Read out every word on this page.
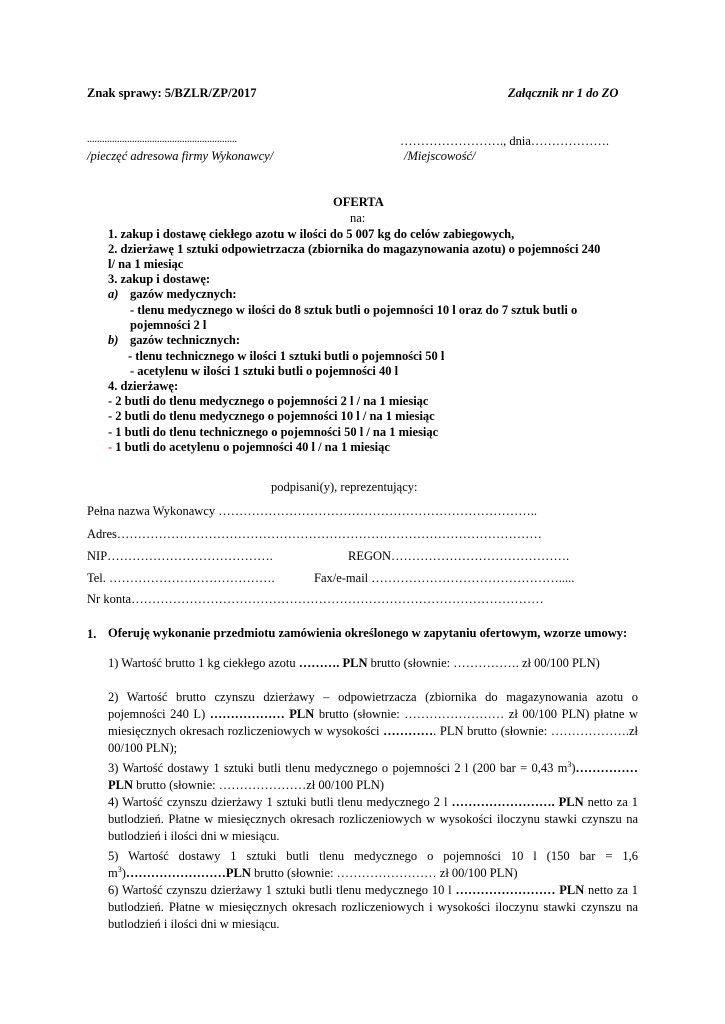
Znak sprawy: 5/BZLR/ZP/2017	Załącznik nr 1 do ZO
............................................................
/pieczęć adresowa firmy Wykonawcy/
……………………., dnia……………….
/Miejscowość/
OFERTA
na:
1. zakup i dostawę ciekłego azotu w ilości do 5 007 kg do celów zabiegowych,
2. dzierżawę 1 sztuki odpowietrzacza (zbiornika do magazynowania azotu) o pojemności 240
l/ na 1 miesiąc
3. zakup i dostawę:
a) gazów medycznych:
- tlenu medycznego w ilości do 8 sztuk butli o pojemności 10 l oraz do 7 sztuk butli o
pojemności 2 l
b) gazów technicznych:
- tlenu technicznego w ilości 1 sztuki butli o pojemności 50 l
- acetylenu w ilości 1 sztuki butli o pojemności 40 l
4. dzierżawę:
- 2 butli do tlenu medycznego o pojemności 2 l / na 1 miesiąc
- 2 butli do tlenu medycznego o pojemności 10 l / na 1 miesiąc
- 1 butli do tlenu technicznego o pojemności 50 l / na 1 miesiąc
- 1 butli do acetylenu o pojemności 40 l / na 1 miesiąc
podpisani(y), reprezentujący:
Pełna nazwa Wykonawcy …………………………………………………………………..
Adres…………………………………………………………………………………………
NIP………………………………….	REGON…………………………………….
Tel. ………………………………….	Fax/e-mail ……………………………………….....
Nr konta………………………………………………………………………………………
1. Oferuję wykonanie przedmiotu zamówienia określonego w zapytaniu ofertowym, wzorze umowy:
1) Wartość brutto 1 kg ciekłego azotu ………. PLN brutto (słownie: ……………. zł 00/100 PLN)
2) Wartość brutto czynszu dzierżawy – odpowietrzacza (zbiornika do magazynowania azotu o pojemności 240 L) ……………… PLN brutto (słownie: …………………… zł 00/100 PLN) płatne w miesięcznych okresach rozliczeniowych w wysokości …………. PLN brutto (słownie: ……………….zł 00/100 PLN);
3) Wartość dostawy 1 sztuki butli tlenu medycznego o pojemności 2 l (200 bar = 0,43 $m^3)\dots\dots\dots\dots\dots$ PLN brutto (słownie: …………………zł 00/100 PLN)
4) Wartość czynszu dzierżawy 1 sztuki butli tlenu medycznego 2 l ……………………. PLN netto za 1 butlodzień. Płatne w miesięcznych okresach rozliczeniowych w wysokości iloczynu stawki czynszu na butlodzień i ilości dni w miesiącu.
5) Wartość dostawy 1 sztuki butli tlenu medycznego o pojemności 10 l (150 bar = 1,6 $m^3)\dots\dots\dots\dots\dots\dots\dots\dots PLN$ brutto (słownie: …………………… zł 00/100 PLN)
6) Wartość czynszu dzierżawy 1 sztuki butli tlenu medycznego 10 l …………………… PLN netto za 1 butlodzień. Płatne w miesięcznych okresach rozliczeniowych i wysokości iloczynu stawki czynszu na butlodzień i ilości dni w miesiącu.
